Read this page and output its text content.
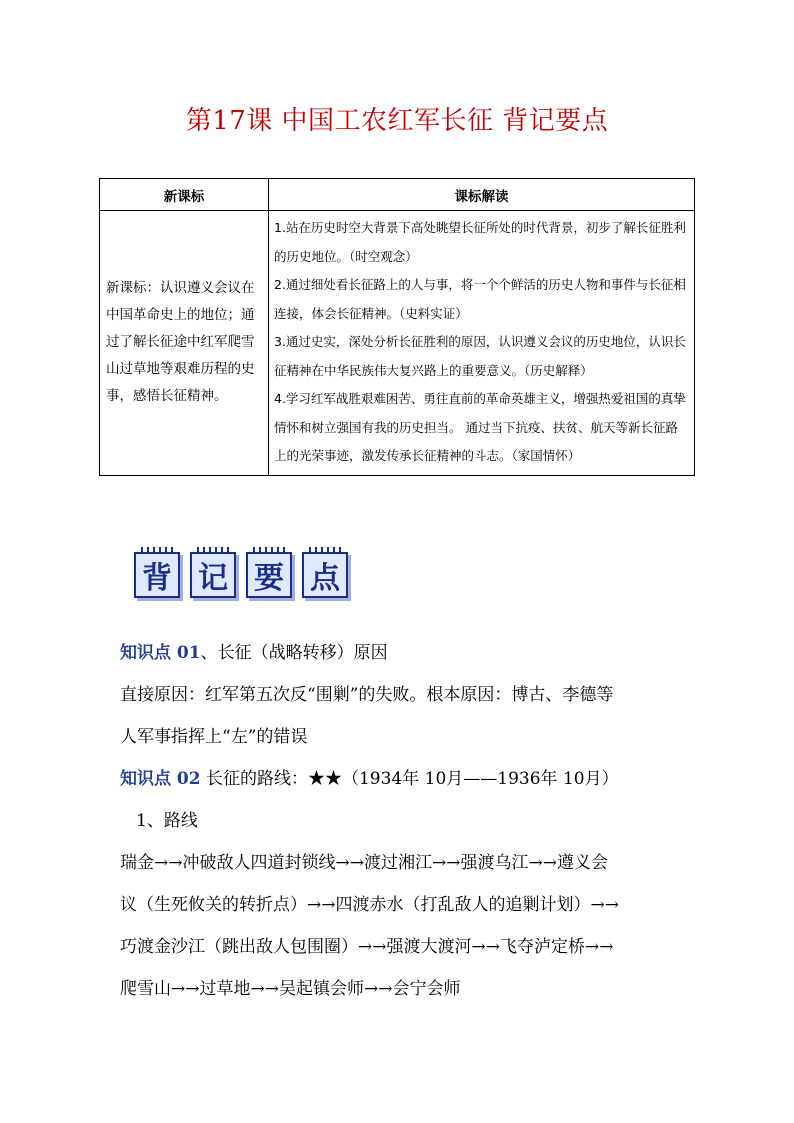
第17课 中国工农红军长征 背记要点
新课标	课标解读
新课标：认识遵义会议在中国革命史上的地位；通过了解长征途中红军爬雪山过草地等艰难历程的史事，感悟长征精神。	1.站在历史时空大背景下高处眺望长征所处的时代背景，初步了解长征胜利的历史地位。（时空观念）

2.通过细处看长征路上的人与事，将一个个鲜活的历史人物和事件与长征相连接，体会长征精神。（史料实证）

3.通过史实，深处分析长征胜利的原因，认识遵义会议的历史地位，认识长征精神在中华民族伟大复兴路上的重要意义。（历史解释）

4.学习红军战胜艰难困苦、勇往直前的革命英雄主义，增强热爱祖国的真挚情怀和树立强国有我的历史担当。 通过当下抗疫、扶贫、航天等新长征路上的光荣事迹，激发传承长征精神的斗志。（家国情怀）

背 记 要 点
知识点 01、长征（战略转移）原因
直接原因：红军第五次反“围剿”的失败。根本原因：博古、李德等
人军事指挥上“左”的错误
知识点 02 长征的路线：★★（1934年 10月——1936年 10月）
1、路线
瑞金→→冲破敌人四道封锁线→→渡过湘江→→强渡乌江→→遵义会
议（生死攸关的转折点）→→四渡赤水（打乱敌人的追剿计划）→→
巧渡金沙江（跳出敌人包围圈）→→强渡大渡河→→飞夺泸定桥→→
爬雪山→→过草地→→吴起镇会师→→会宁会师
